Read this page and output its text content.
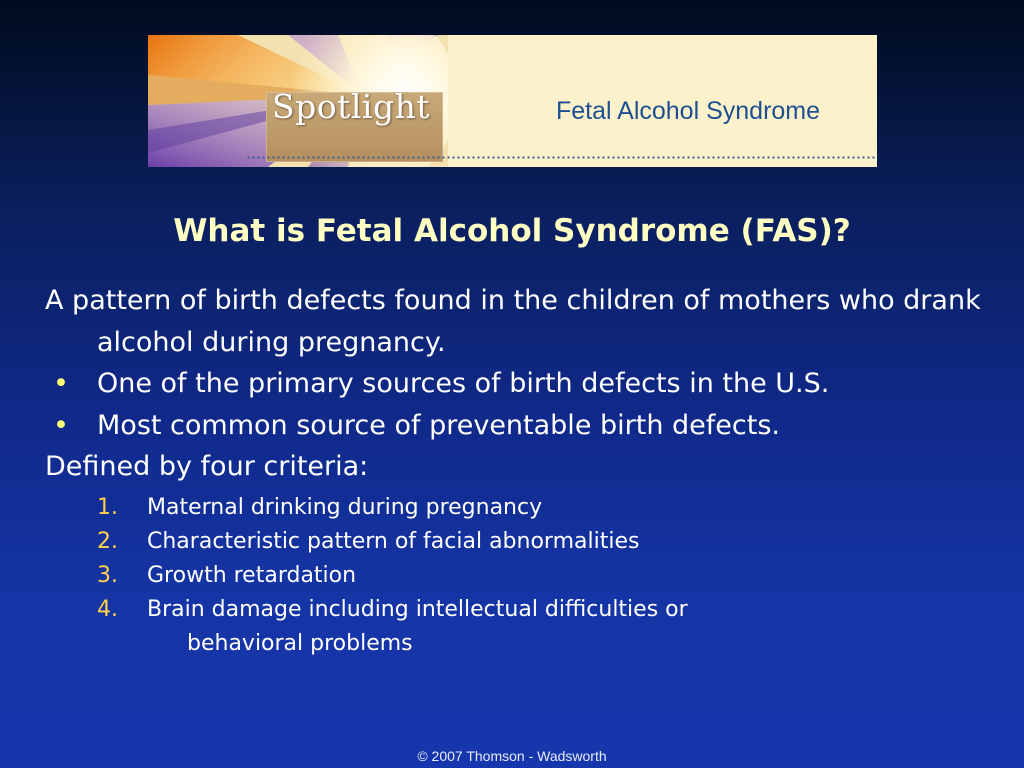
Spotlight	Fetal Alcohol Syndrome
What is Fetal Alcohol Syndrome (FAS)?

A pattern of birth defects found in the children of mothers who drank alcohol during pregnancy.

• One of the primary sources of birth defects in the U.S.
• Most common source of preventable birth defects.

Defined by four criteria:

1. Maternal drinking during pregnancy
2. Characteristic pattern of facial abnormalities
3. Growth retardation
4. Brain damage including intellectual difficulties or
behavioral problems
© 2007 Thomson - Wadsworth
